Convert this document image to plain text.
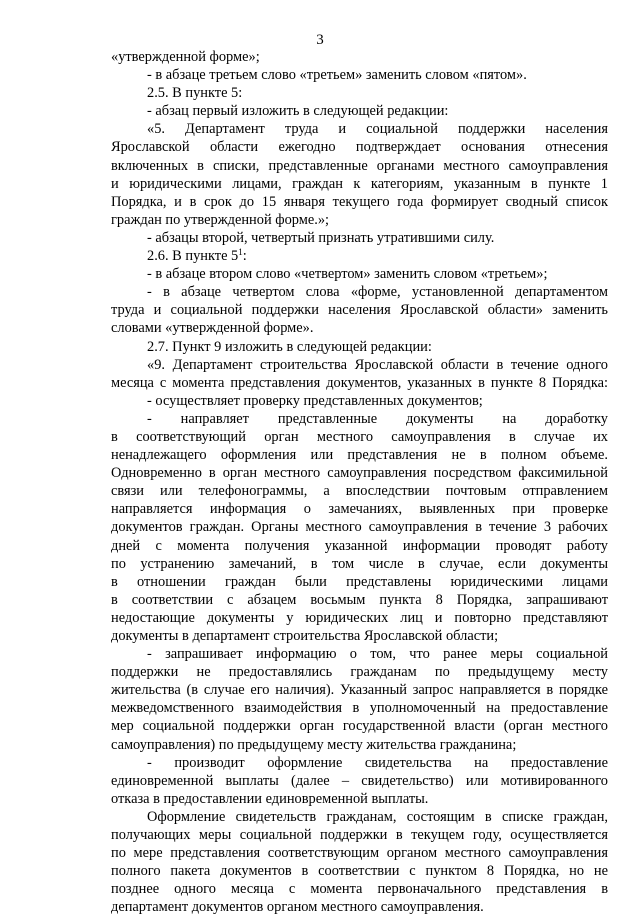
3

«утвержденной форме»;

- в абзаце третьем слово «третьем» заменить словом «пятом».

2.5. В пункте 5:

- абзац первый изложить в следующей редакции:

«5. Департамент труда и социальной поддержки населения

Ярославской области ежегодно подтверждает основания отнесения

включенных в списки, представленные органами местного самоуправления

и юридическими лицами, граждан к категориям, указанным в пункте 1

Порядка, и в срок до 15 января текущего года формирует сводный список

граждан по утвержденной форме.»;

- абзацы второй, четвертый признать утратившими силу.

2.6. В пункте $5^1$:

- в абзаце втором слово «четвертом» заменить словом «третьем»;

- в абзаце четвертом слова «форме, установленной департаментом

труда и социальной поддержки населения Ярославской области» заменить

словами «утвержденной форме».

2.7. Пункт 9 изложить в следующей редакции:

«9. Департамент строительства Ярославской области в течение одного

месяца с момента представления документов, указанных в пункте 8 Порядка:

- осуществляет проверку представленных документов;

- направляет представленные документы на доработку

в соответствующий орган местного самоуправления в случае их

ненадлежащего оформления или представления не в полном объеме.

Одновременно в орган местного самоуправления посредством факсимильной

связи или телефонограммы, а впоследствии почтовым отправлением

направляется информация о замечаниях, выявленных при проверке

документов граждан. Органы местного самоуправления в течение 3 рабочих

дней с момента получения указанной информации проводят работу

по устранению замечаний, в том числе в случае, если документы

в отношении граждан были представлены юридическими лицами

в соответствии с абзацем восьмым пункта 8 Порядка, запрашивают

недостающие документы у юридических лиц и повторно представляют

документы в департамент строительства Ярославской области;

- запрашивает информацию о том, что ранее меры социальной

поддержки не предоставлялись гражданам по предыдущему месту

жительства (в случае его наличия). Указанный запрос направляется в порядке

межведомственного взаимодействия в уполномоченный на предоставление

мер социальной поддержки орган государственной власти (орган местного

самоуправления) по предыдущему месту жительства гражданина;

- производит оформление свидетельства на предоставление

единовременной выплаты (далее – свидетельство) или мотивированного

отказа в предоставлении единовременной выплаты.

Оформление свидетельств гражданам, состоящим в списке граждан,

получающих меры социальной поддержки в текущем году, осуществляется

по мере представления соответствующим органом местного самоуправления

полного пакета документов в соответствии с пунктом 8 Порядка, но не

позднее одного месяца с момента первоначального представления в

департамент документов органом местного самоуправления.
